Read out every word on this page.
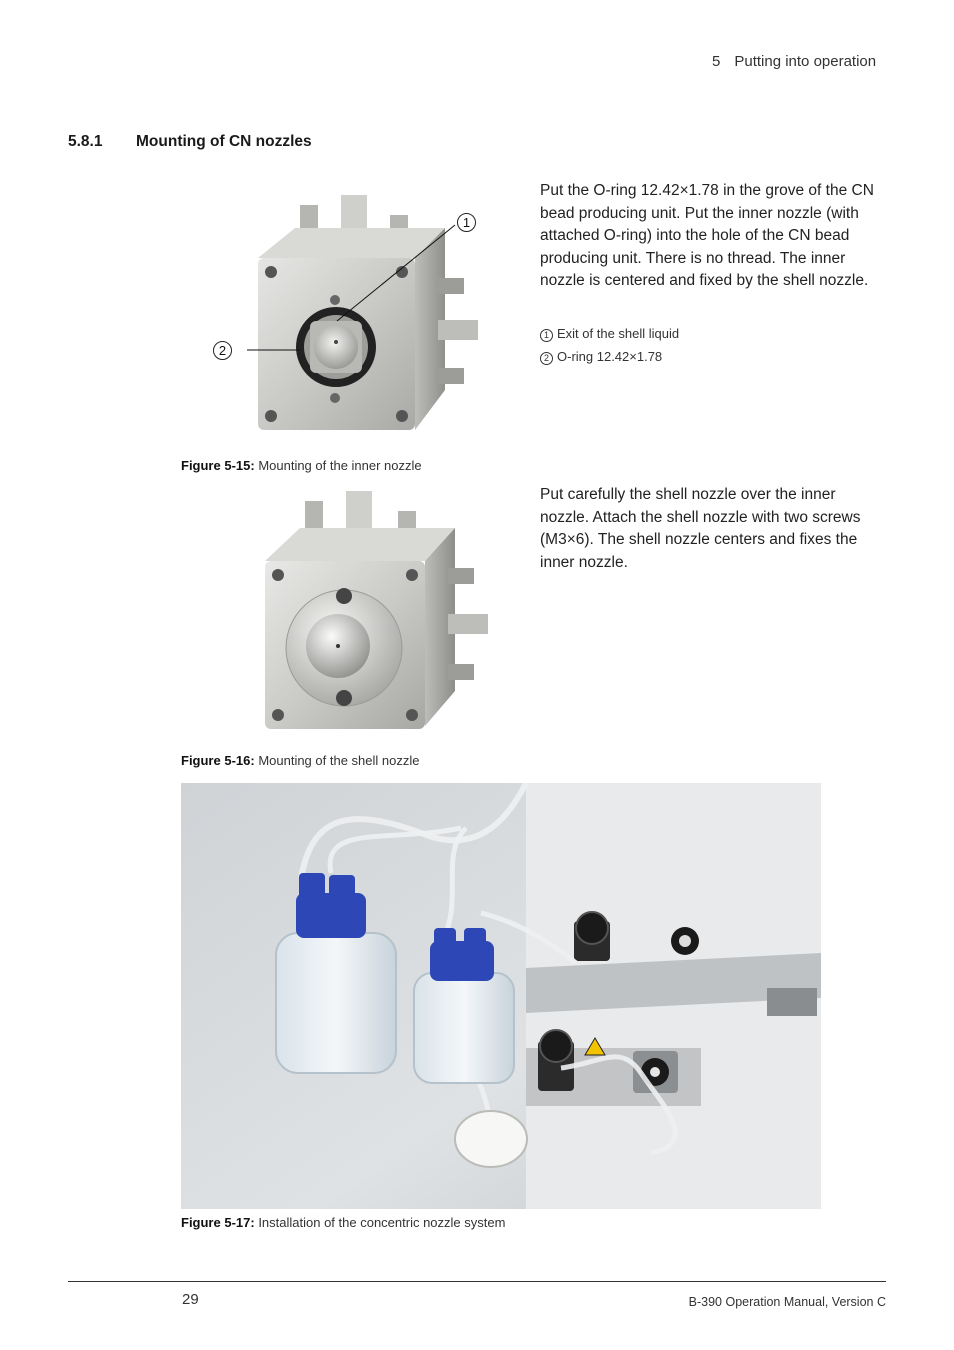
5 Putting into operation
5.8.1 Mounting of CN nozzles
1
2
Put the O-ring 12.42×1.78 in the grove of the CN bead producing unit. Put the inner nozzle (with attached O-ring) into the hole of the CN bead producing unit. There is no thread. The inner nozzle is centered and fixed by the shell nozzle.
1 Exit of the shell liquid
2 O-ring 12.42×1.78
Figure 5-15: Mounting of the inner nozzle
Put carefully the shell nozzle over the inner nozzle. Attach the shell nozzle with two screws (M3×6). The shell nozzle centers and fixes the inner nozzle.
Figure 5-16: Mounting of the shell nozzle
Figure 5-17: Installation of the concentric nozzle system
29	B-390 Operation Manual, Version C
